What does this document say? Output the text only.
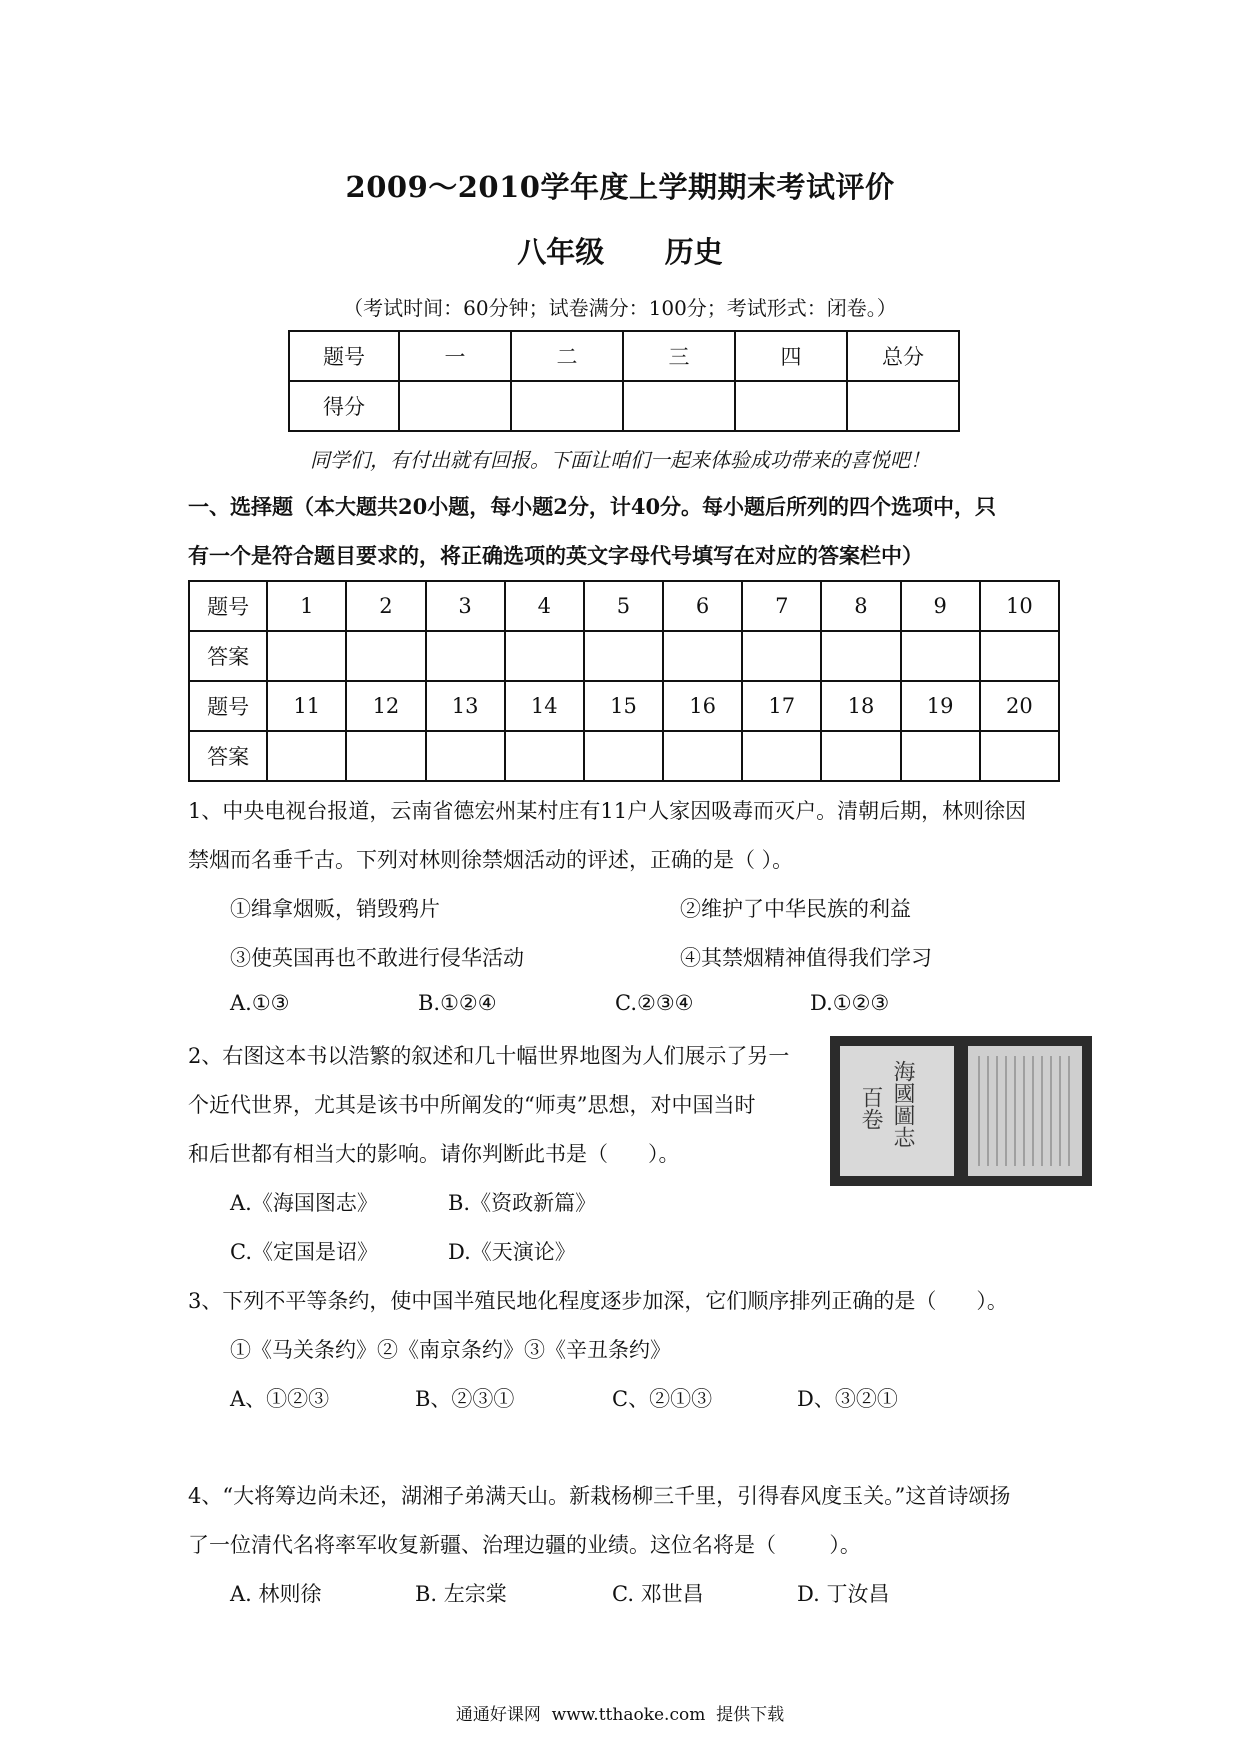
2009～2010学年度上学期期末考试评价
八年级      历史
（考试时间：60分钟；试卷满分：100分；考试形式：闭卷。）
题号	一	二	三	四	总分
得分					
同学们，有付出就有回报。下面让咱们一起来体验成功带来的喜悦吧！
一、选择题（本大题共20小题，每小题2分，计40分。每小题后所列的四个选项中，只
有一个是符合题目要求的，将正确选项的英文字母代号填写在对应的答案栏中）
题号	1	2	3	4	5	6	7	8	9	10
答案										
题号	11	12	13	14	15	16	17	18	19	20
答案										
1、中央电视台报道，云南省德宏州某村庄有11户人家因吸毒而灭户。清朝后期，林则徐因
禁烟而名垂千古。下列对林则徐禁烟活动的评述，正确的是（ ）。
①缉拿烟贩，销毁鸦片	②维护了中华民族的利益
③使英国再也不敢进行侵华活动	④其禁烟精神值得我们学习
A.①③	B.①②④	C.②③④	D.①②③
2、右图这本书以浩繁的叙述和几十幅世界地图为人们展示了另一
个近代世界，尤其是该书中所阐发的“师夷”思想，对中国当时
和后世都有相当大的影响。请你判断此书是（      ）。
海國圖志
百卷
A.《海国图志》	B.《资政新篇》
C.《定国是诏》	D.《天演论》
3、下列不平等条约，使中国半殖民地化程度逐步加深，它们顺序排列正确的是（      ）。
①《马关条约》②《南京条约》③《辛丑条约》
A、①②③	B、②③①	C、②①③	D、③②①
4、“大将筹边尚未还，湖湘子弟满天山。新栽杨柳三千里，引得春风度玉关。”这首诗颂扬
了一位清代名将率军收复新疆、治理边疆的业绩。这位名将是（        ）。
A. 林则徐	B. 左宗棠	C. 邓世昌	D. 丁汝昌
通通好课网  www.tthaoke.com  提供下载
